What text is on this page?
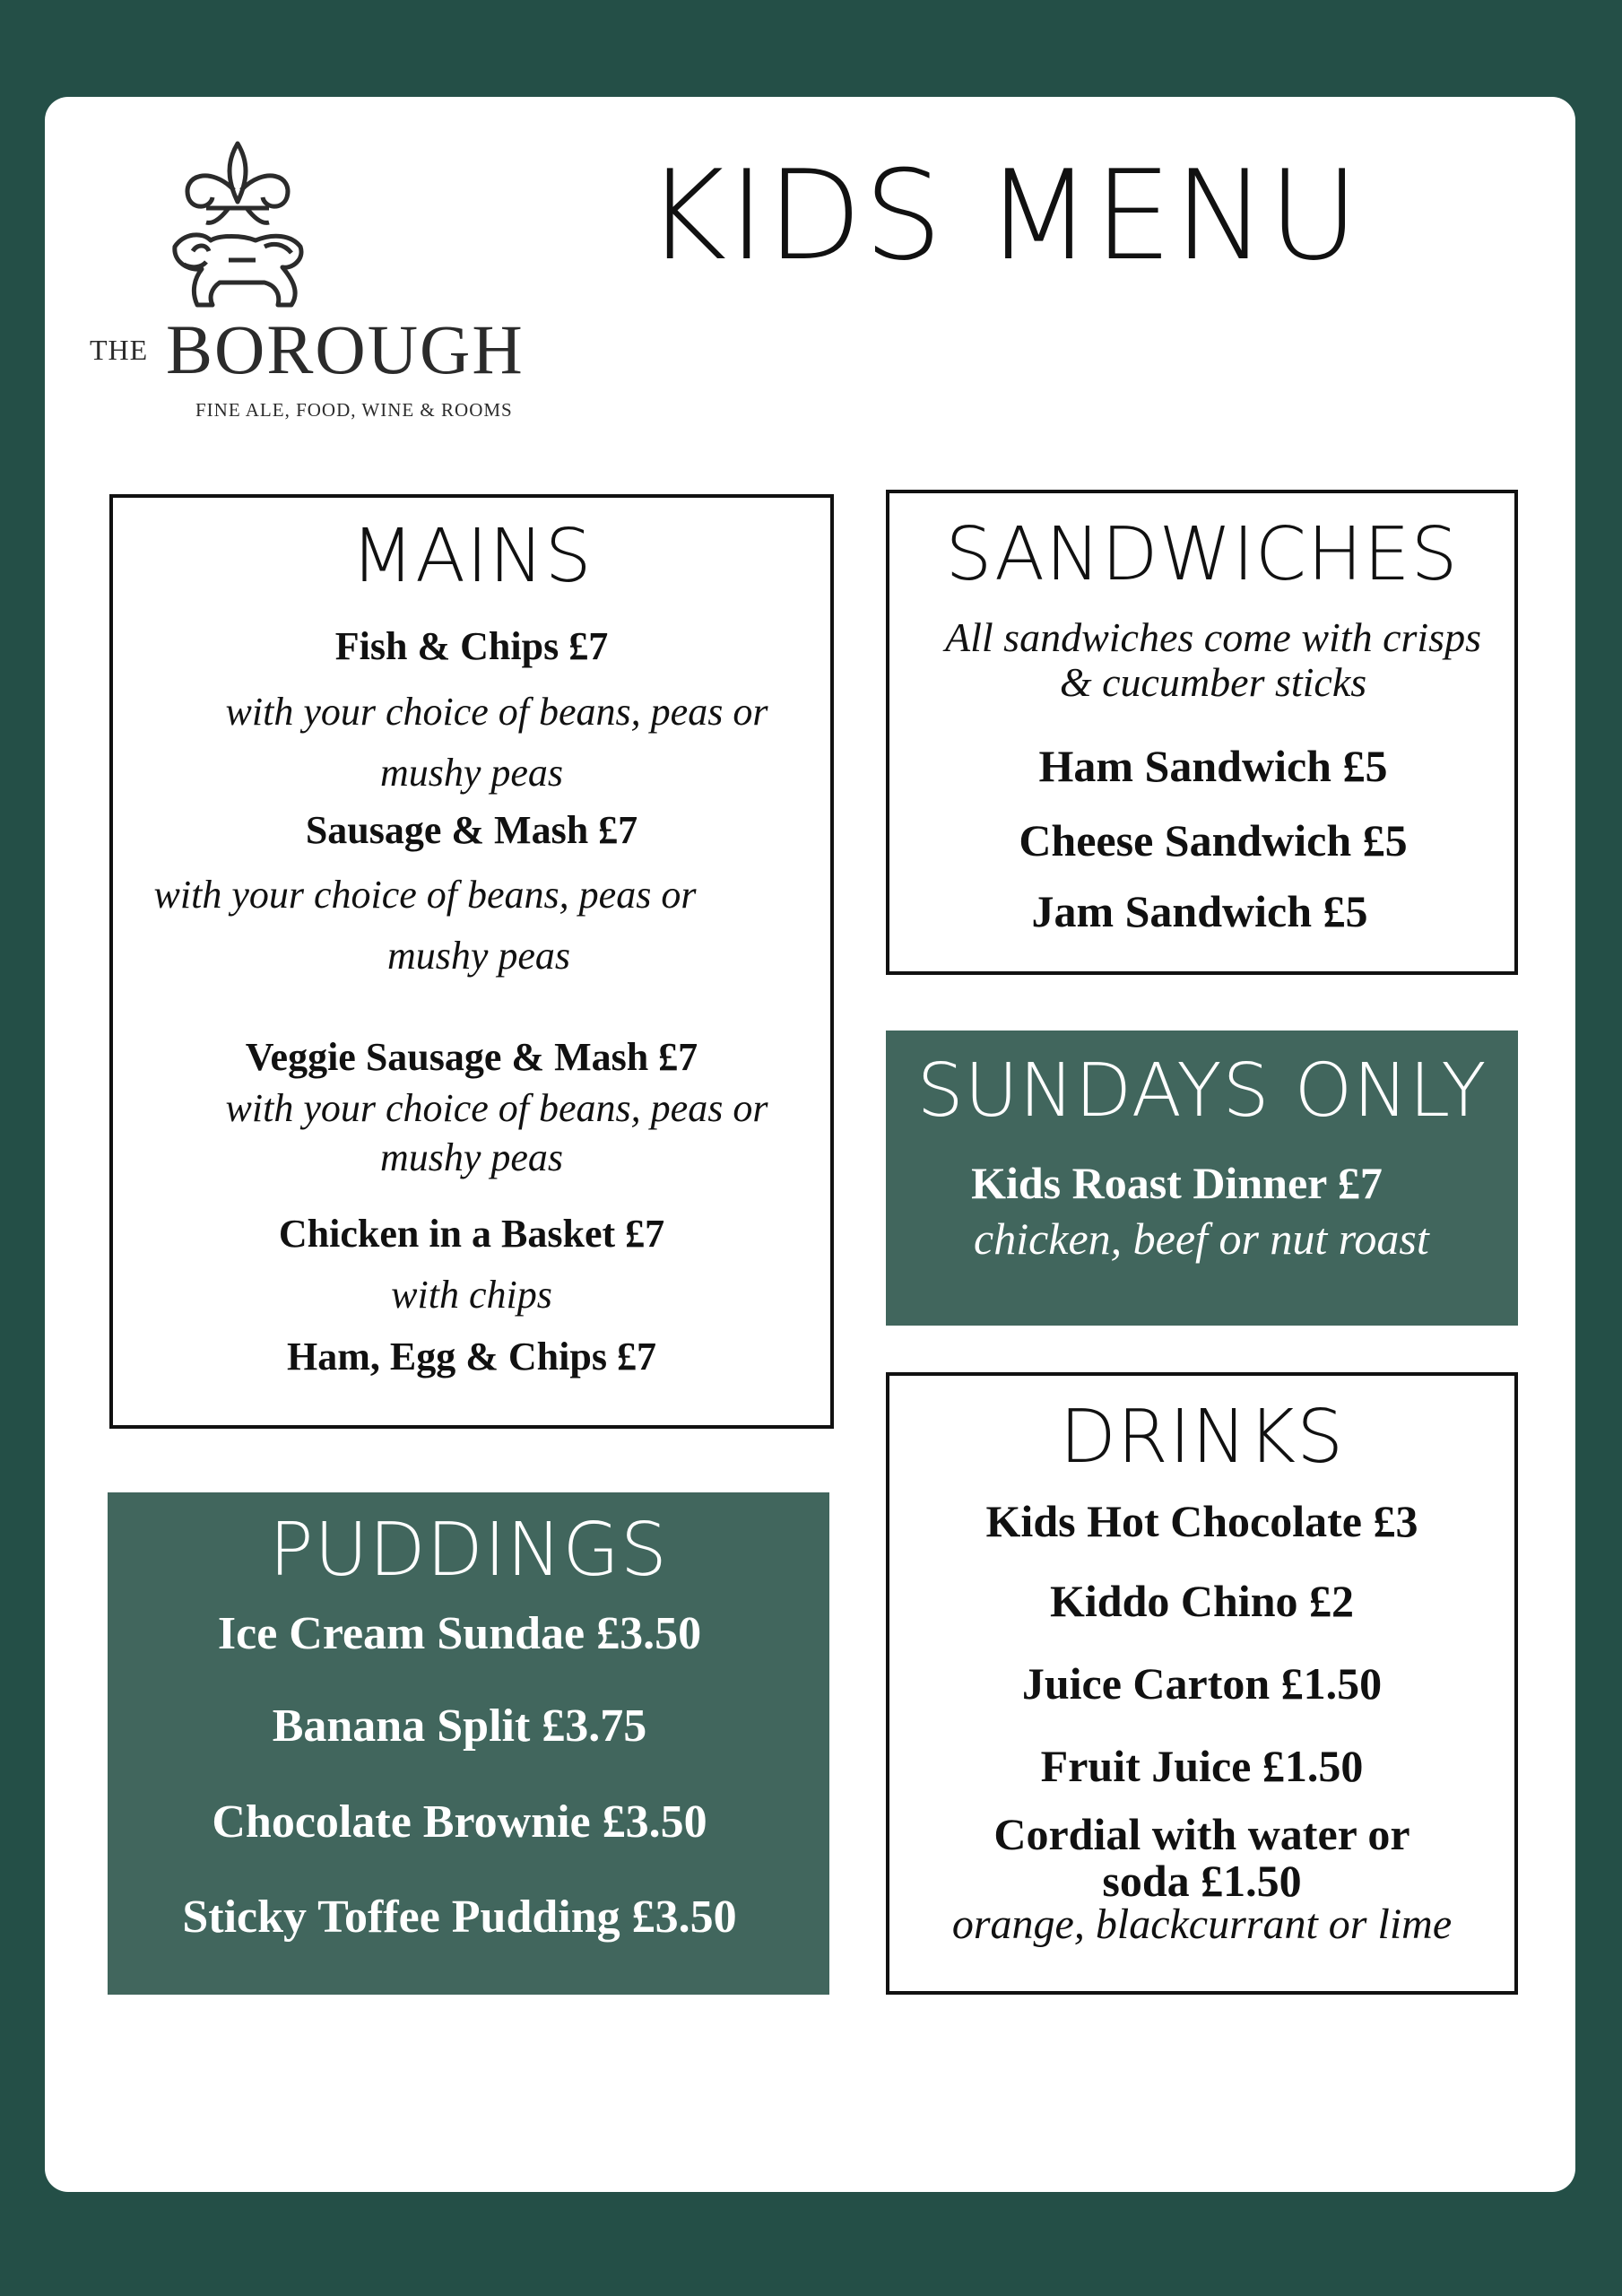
THE BOROUGH
FINE ALE, FOOD, WINE & ROOMS
KIDS MENU
MAINS
Fish & Chips £7
with your choice of beans, peas or
mushy peas
Sausage & Mash £7
with your choice of beans, peas or
mushy peas
Veggie Sausage & Mash £7
with your choice of beans, peas or
mushy peas
Chicken in a Basket £7
with chips
Ham, Egg & Chips £7
SANDWICHES
All sandwiches come with crisps
& cucumber sticks
Ham Sandwich £5
Cheese Sandwich £5
Jam Sandwich £5
SUNDAYS ONLY
Kids Roast Dinner £7
chicken, beef or nut roast
PUDDINGS
Ice Cream Sundae £3.50
Banana Split £3.75
Chocolate Brownie £3.50
Sticky Toffee Pudding £3.50
DRINKS
Kids Hot Chocolate £3
Kiddo Chino £2
Juice Carton £1.50
Fruit Juice £1.50
Cordial with water or
soda £1.50
orange, blackcurrant or lime
